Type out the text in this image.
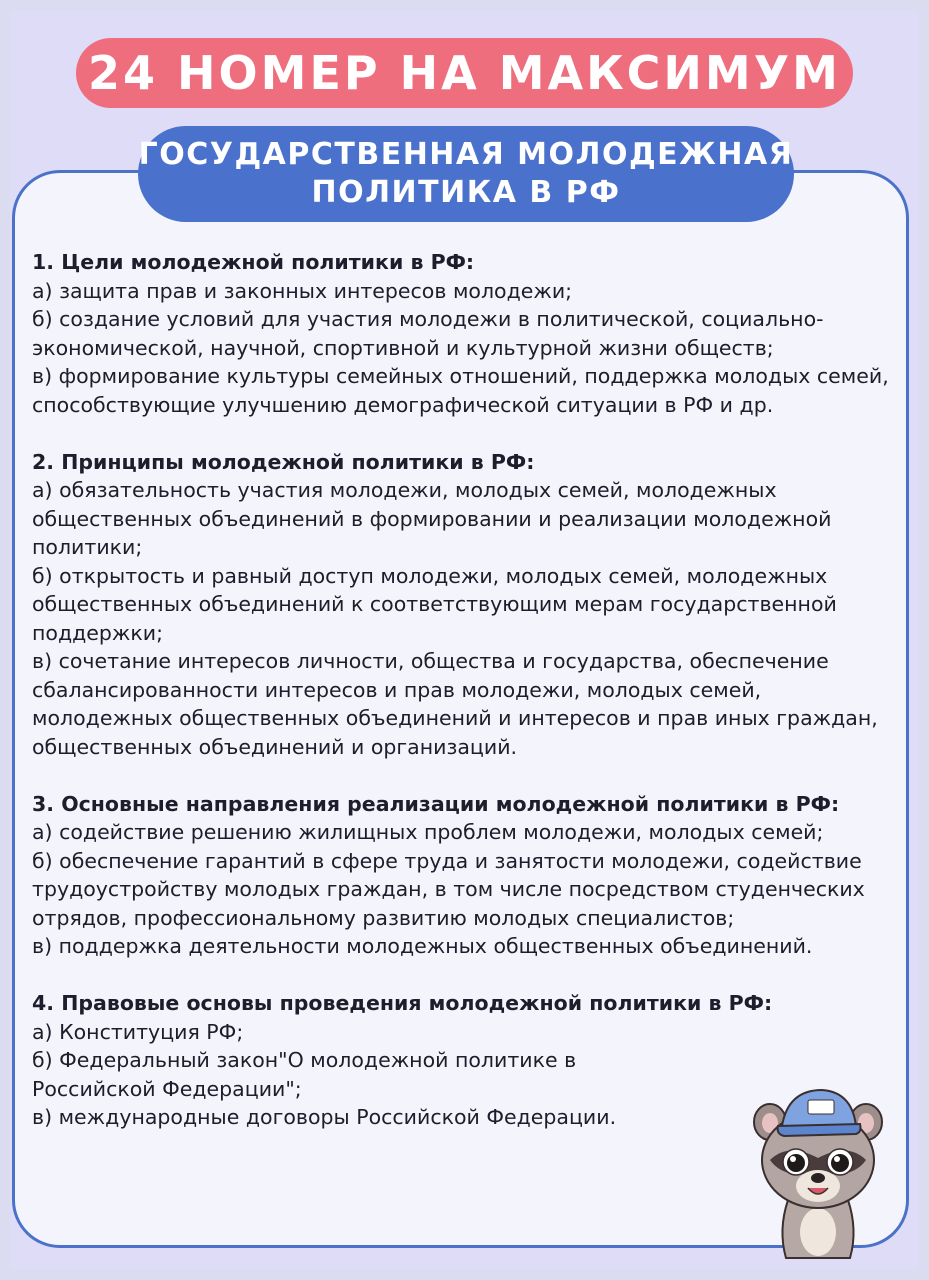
24 НОМЕР НА МАКСИМУМ
ГОСУДАРСТВЕННАЯ МОЛОДЕЖНАЯ
ПОЛИТИКА В РФ
1. Цели молодежной политики в РФ:
а) защита прав и законных интересов молодежи;
б) создание условий для участия молодежи в политической, социально-экономической, научной, спортивной и культурной жизни обществ;
в) формирование культуры семейных отношений, поддержка молодых семей, способствующие улучшению демографической ситуации в РФ и др.
2. Принципы молодежной политики в РФ:
а) обязательность участия молодежи, молодых семей, молодежных общественных объединений в формировании и реализации молодежной политики;
б) открытость и равный доступ молодежи, молодых семей, молодежных общественных объединений к соответствующим мерам государственной поддержки;
в) сочетание интересов личности, общества и государства, обеспечение сбалансированности интересов и прав молодежи, молодых семей, молодежных общественных объединений и интересов и прав иных граждан, общественных объединений и организаций.
3. Основные направления реализации молодежной политики в РФ:
а) содействие решению жилищных проблем молодежи, молодых семей;
б) обеспечение гарантий в сфере труда и занятости молодежи, содействие трудоустройству молодых граждан, в том числе посредством студенческих отрядов, профессиональному развитию молодых специалистов;
в) поддержка деятельности молодежных общественных объединений.
4. Правовые основы проведения молодежной политики в РФ:
а) Конституция РФ;
б) Федеральный закон"О молодежной политике в Российской Федерации";
в) международные договоры Российской Федерации.
